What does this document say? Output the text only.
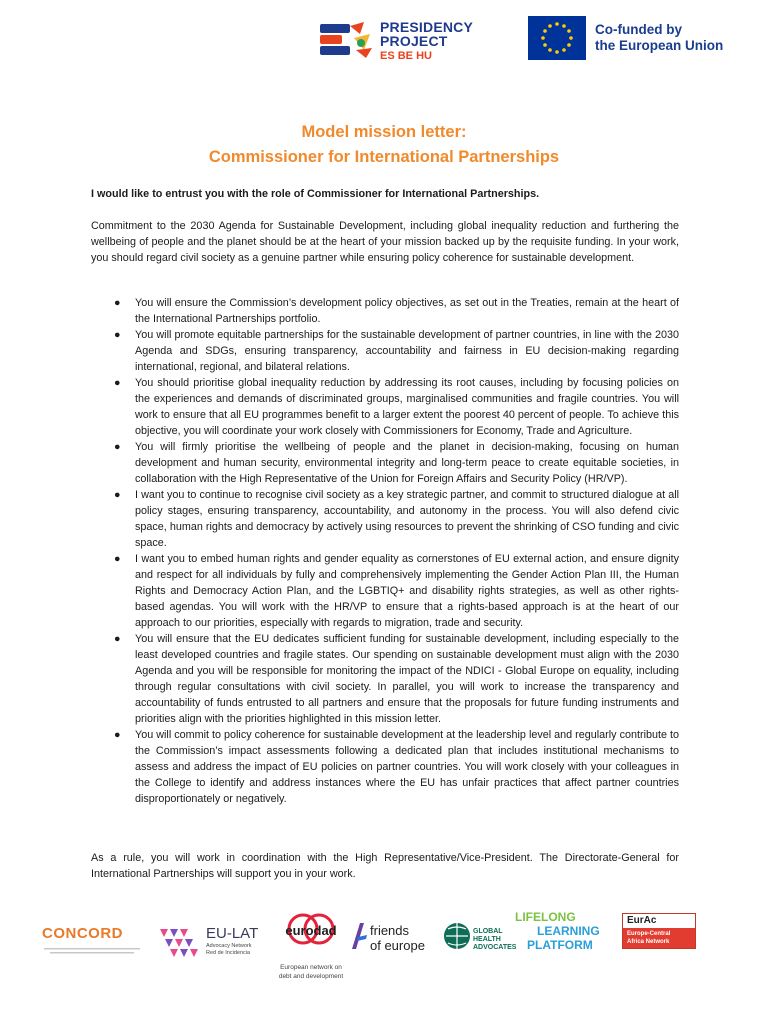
PRESIDENCY
PROJECT
ES BE HU
Co-funded by
the European Union
Model mission letter:
Commissioner for International Partnerships
I would like to entrust you with the role of Commissioner for International Partnerships.
Commitment to the 2030 Agenda for Sustainable Development, including global inequality reduction and furthering the wellbeing of people and the planet should be at the heart of your mission backed up by the requisite funding. In your work, you should regard civil society as a genuine partner while ensuring policy coherence for sustainable development.
● You will ensure the Commission’s development policy objectives, as set out in the Treaties, remain at the heart of the International Partnerships portfolio.
● You will promote equitable partnerships for the sustainable development of partner countries, in line with the 2030 Agenda and SDGs, ensuring transparency, accountability and fairness in EU decision-making regarding international, regional, and bilateral relations.
● You should prioritise global inequality reduction by addressing its root causes, including by focusing policies on the experiences and demands of discriminated groups, marginalised communities and fragile countries. You will work to ensure that all EU programmes benefit to a larger extent the poorest 40 percent of people. To achieve this objective, you will coordinate your work closely with Commissioners for Economy, Trade and Agriculture.
● You will firmly prioritise the wellbeing of people and the planet in decision-making, focusing on human development and human security, environmental integrity and long-term peace to create equitable societies, in collaboration with the High Representative of the Union for Foreign Affairs and Security Policy (HR/VP).
● I want you to continue to recognise civil society as a key strategic partner, and commit to structured dialogue at all policy stages, ensuring transparency, accountability, and autonomy in the process. You will also defend civic space, human rights and democracy by actively using resources to prevent the shrinking of CSO funding and civic space.
● I want you to embed human rights and gender equality as cornerstones of EU external action, and ensure dignity and respect for all individuals by fully and comprehensively implementing the Gender Action Plan III, the Human Rights and Democracy Action Plan, and the LGBTIQ+ and disability rights strategies, as well as other rights-based agendas. You will work with the HR/VP to ensure that a rights-based approach is at the heart of our approach to our priorities, especially with regards to migration, trade and security.
● You will ensure that the EU dedicates sufficient funding for sustainable development, including especially to the least developed countries and fragile states. Our spending on sustainable development must align with the 2030 Agenda and you will be responsible for monitoring the impact of the NDICI - Global Europe on equality, including through regular consultations with civil society. In parallel, you will work to increase the transparency and accountability of funds entrusted to all partners and ensure that the proposals for future funding instruments and priorities align with the priorities highlighted in this mission letter.
● You will commit to policy coherence for sustainable development at the leadership level and regularly contribute to the Commission’s impact assessments following a dedicated plan that includes institutional mechanisms to assess and address the impact of EU policies on partner countries. You will work closely with your colleagues in the College to identify and address instances where the EU has unfair practices that affect partner countries disproportionately or negatively.
As a rule, you will work in coordination with the High Representative/Vice-President. The Directorate-General for International Partnerships will support you in your work.
CONCORD	EU-LAT
Advocacy Network
Red de Incidencia
eurodad
European network on
debt and development
friends
of europe
GLOBAL
HEALTH
ADVOCATES
LIFELONG
LEARNING
PLATFORM
EurAc
Europe-Central
Africa Network
